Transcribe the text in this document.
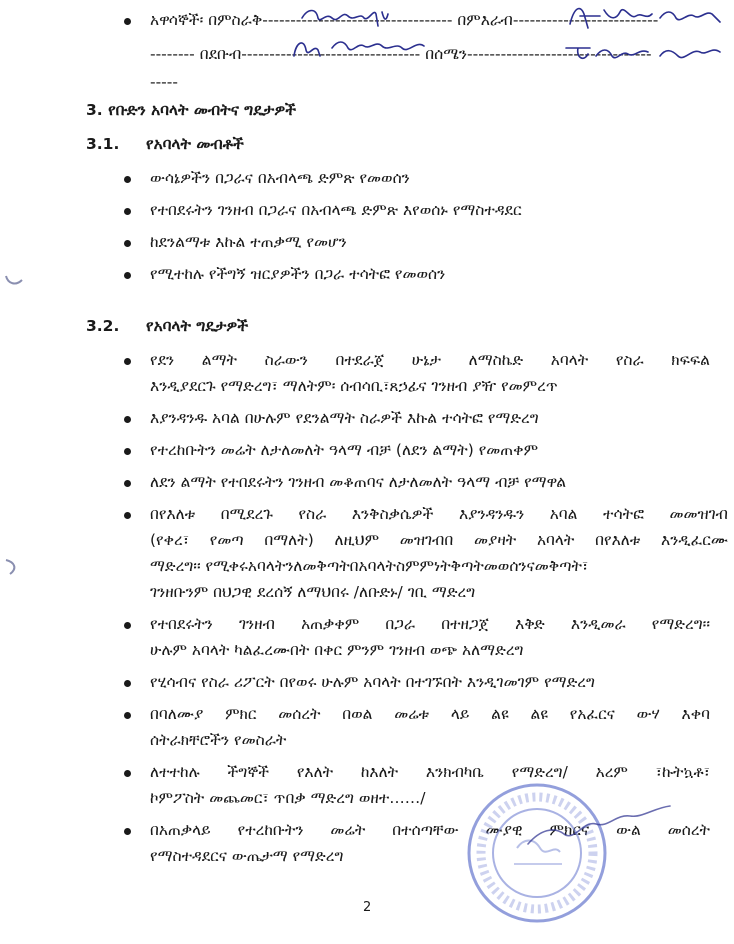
አዋሳኞች፡ በምስራቅ---------------------------------- በምእራብ--------------------------
-------- በደቡብ-------------------------------- በሰሜን---------------------------------
-----
3. የቡድን አባላት መብትና ግዴታዎች
3.1. የአባላት መብቶች
ውሳኔዎችን በጋራና በአብላጫ ድምጽ የመወሰን
የተበደሩትን ገንዘብ በጋራና በአብላጫ ድምጽ እየወሰኑ የማስተዳደር
ከደንልማቱ እኩል ተጠቃሚ የመሆን
የሚተከሉ የችግኝ ዝርያዎችን በጋራ ተሳትፎ የመወሰን
3.2. የአባላት ግዴታዎች
የደን ልማት ስራውን በተደራጀ ሁኔታ ለማስኬድ አባላት የስራ ክፍፍል
እንዲያደርጉ የማድረግ፣ ማለትም፡ ሰብሳቢ፣ጸኃፊና ገንዘብ ያዥ የመምረጥ
እያንዳንዱ አባል በሁሉም የደንልማት ስራዎች እኩል ተሳትፎ የማድረግ
የተረከቡትን መሬት ለታለመለት ዓላማ ብቻ (ለደን ልማት) የመጠቀም
ለደን ልማት የተበደሩትን ገንዘብ መቆጠባና ለታለመለት ዓላማ ብቻ የማዋል
በየእለቱ በሚደረጉ የስራ እንቅስቃሴዎች እያንዳንዱን አባል ተሳትፎ መመዝገብ
(የቀረ፣ የመጣ በማለት) ለዚህም መዝገብበ መያዛት አባላት በየእለቱ እንዲፈርሙ
ማድረግ፡፡ የሚቀሩአባላትንለመቅጣትበአባላትስምምነትቅጣትመወሰንናመቅጣት፣
ገንዘቡንም በህጋዊ ደረሰኝ ለማህበሩ /ለቡድኑ/ ገቢ ማድረግ
የተበደሩትን ገንዘብ አጠቃቀም በጋራ በተዘጋጀ እቅድ እንዲመራ የማድረግ፡፡
ሁሉም አባላት ካልፈረሙበት በቀር ምንም ገንዘብ ወጭ አለማድረግ
የሂሳብና የስራ ሪፖርት በየወሩ ሁሉም አባላት በተገኙበት እንዲገመገም የማድረግ
በባለሙያ ምክር መሰረት በወል መሬቱ ላይ ልዩ ልዩ የአፈርና ውሃ እቀባ
ሰትራክቸሮችን የመስራት
ለተተከሉ ችግኞች የእለት ከእለት እንክብካቤ የማድረግ/ አረም ፣ኩትኳቶ፣
ኮምፖስት መጨመር፣ ጥበቃ ማድረግ ወዘተ……/
በአጠቃላይ የተረከቡትን መሬት በተሰጣቸው ሙያዊ ምክርና ውል መሰረት
የማስተዳደርና ውጤታማ የማድረግ
2
